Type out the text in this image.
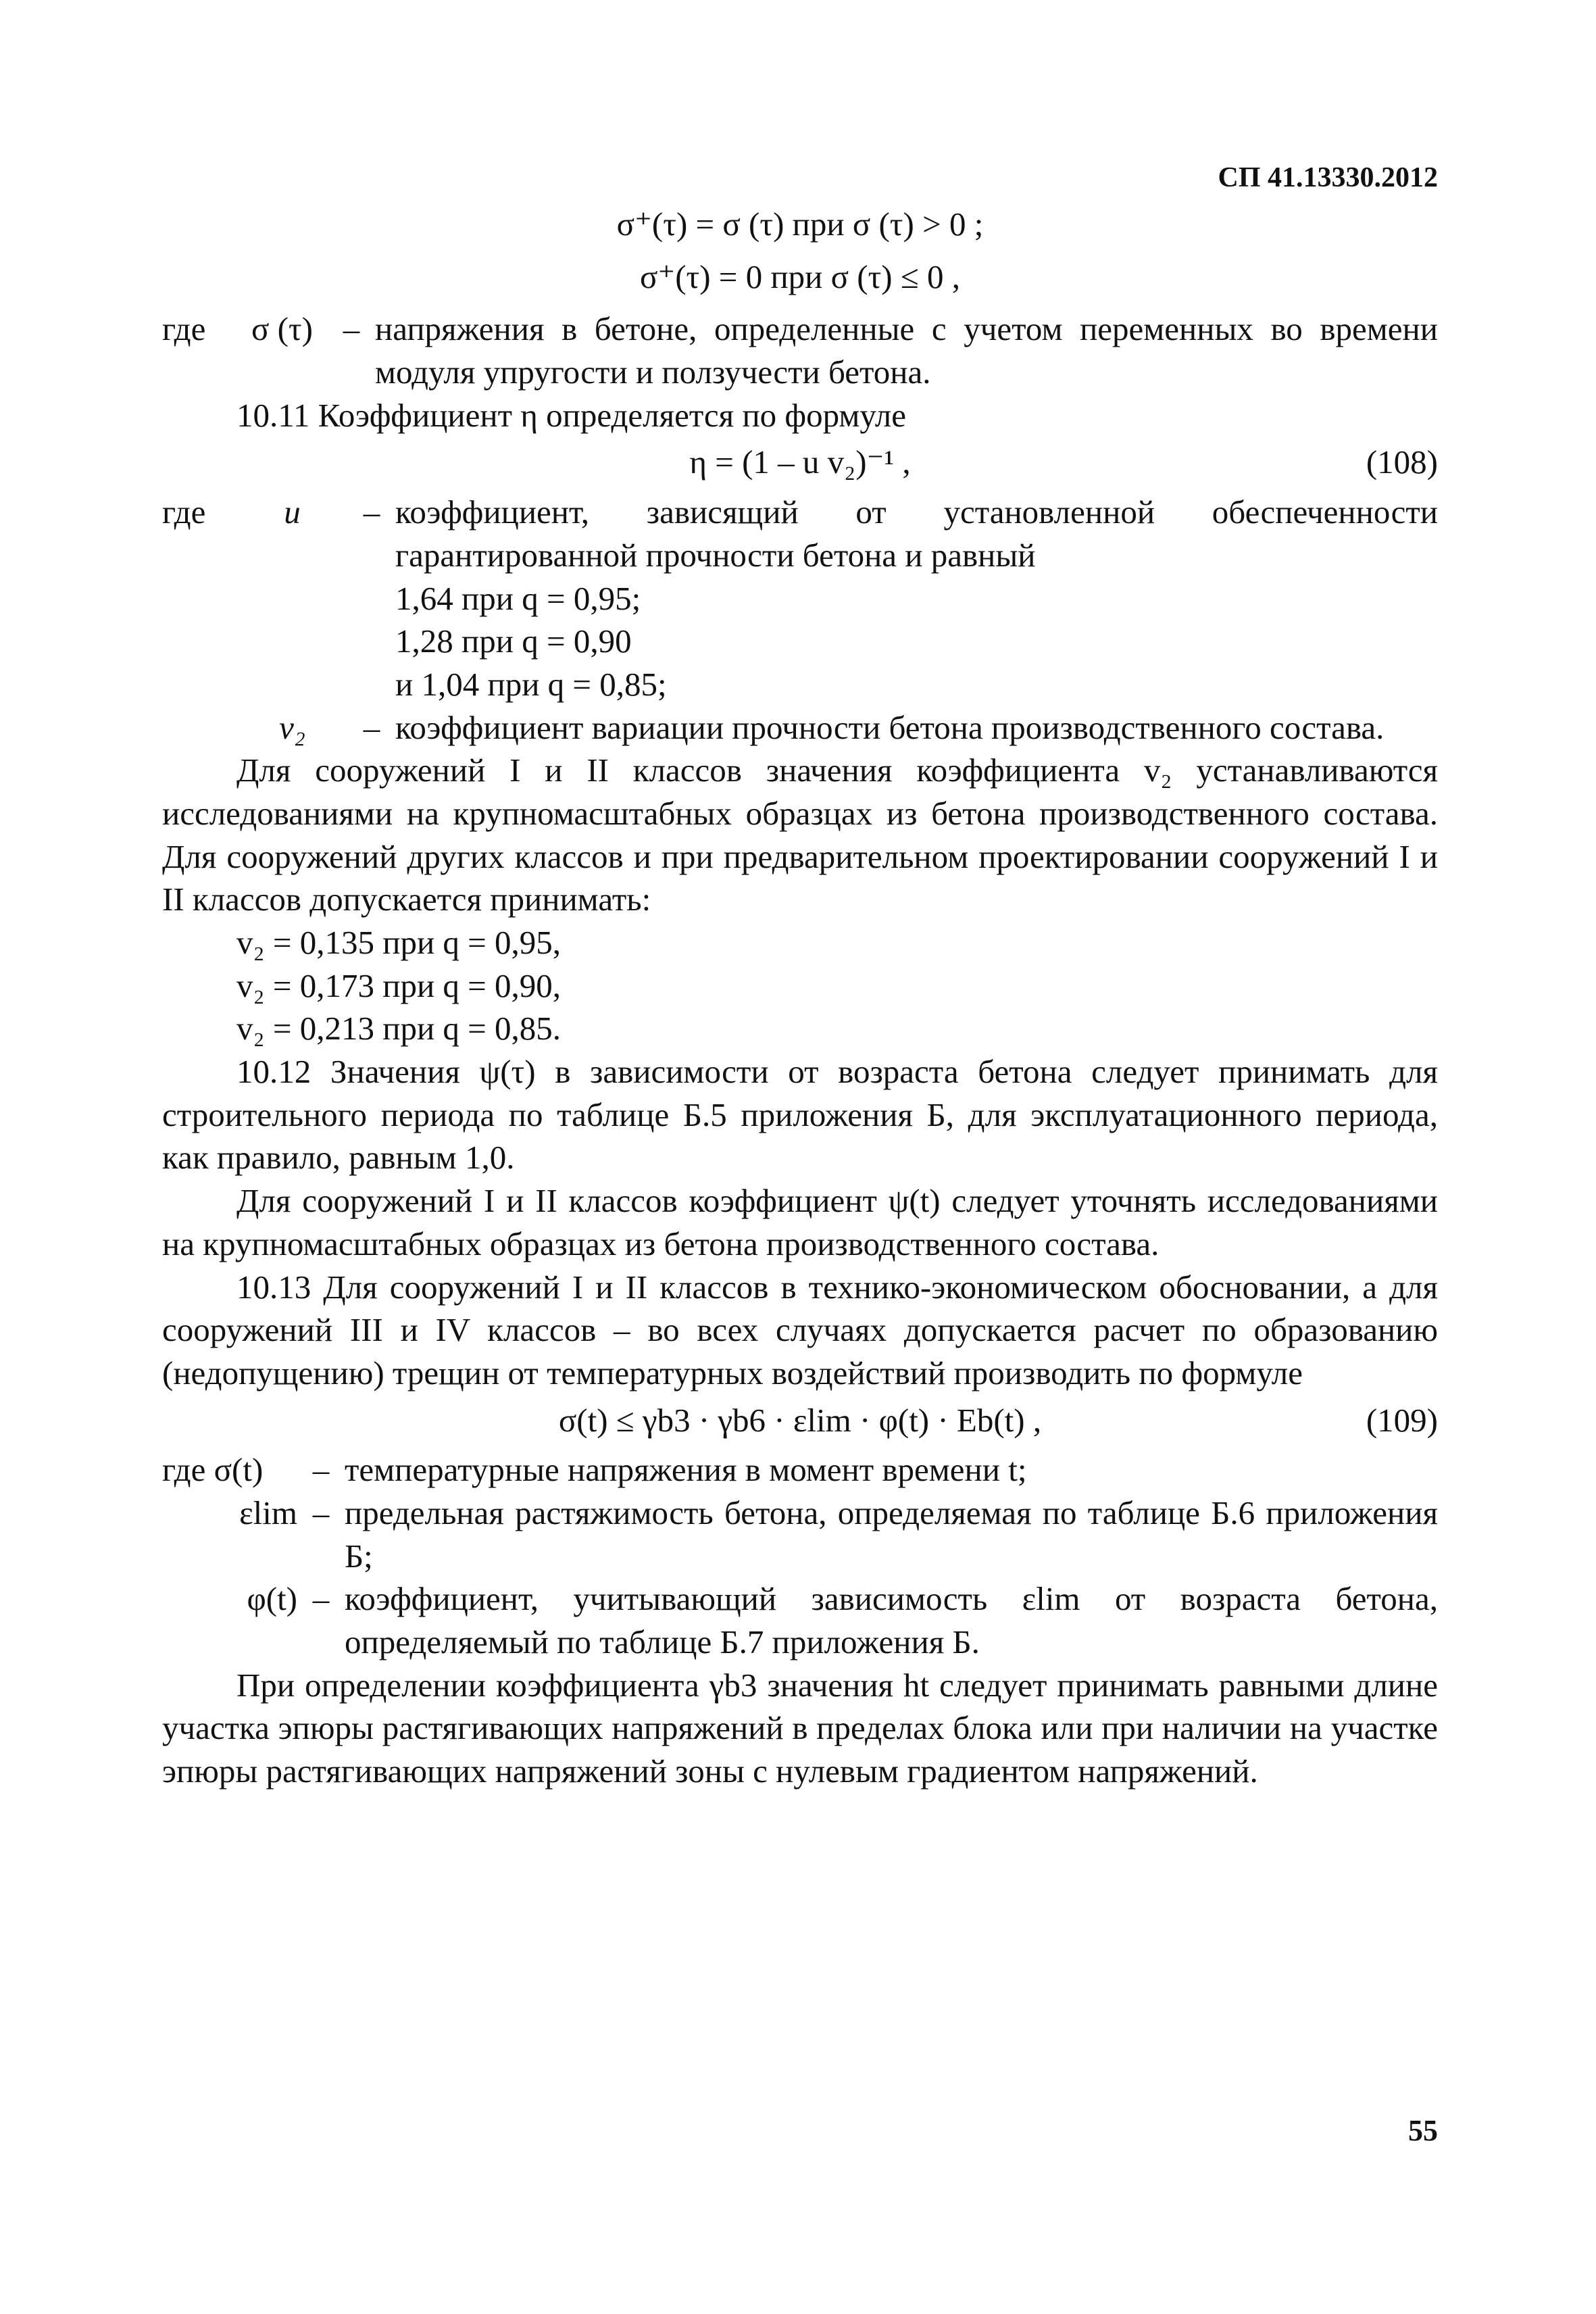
СП 41.13330.2012

σ⁺(τ) = σ (τ) при σ (τ) > 0 ;

σ⁺(τ) = 0 при σ (τ) ≤ 0 ,

где	σ (τ) – напряжения в бетоне, определенные с учетом переменных во времени модуля упругости и ползучести бетона.

10.11 Коэффициент η определяется по формуле

η = (1 – u v₂)⁻¹ ,	(108)
где	u	– коэффициент, зависящий от установленной обеспеченности гарантированной прочности бетона и равный

1,64 при q = 0,95;

1,28 при q = 0,90

и 1,04 при q = 0,85;

v₂	– коэффициент вариации прочности бетона производственного состава.

Для сооружений I и II классов значения коэффициента v₂ устанавливаются исследованиями на крупномасштабных образцах из бетона производственного состава. Для сооружений других классов и при предварительном проектировании сооружений I и II классов допускается принимать:

v₂ = 0,135 при q = 0,95,

v₂ = 0,173 при q = 0,90,

v₂ = 0,213 при q = 0,85.

10.12 Значения ψ(τ) в зависимости от возраста бетона следует принимать для строительного периода по таблице Б.5 приложения Б, для эксплуатационного периода, как правило, равным 1,0.

Для сооружений I и II классов коэффициент ψ(t) следует уточнять исследованиями на крупномасштабных образцах из бетона производственного состава.

10.13 Для сооружений I и II классов в технико-экономическом обосновании, а для сооружений III и IV классов – во всех случаях допускается расчет по образованию (недопущению) трещин от температурных воздействий производить по формуле

σ(t) ≤ γb3 · γb6 · εlim · φ(t) · Eb(t) ,	(109)
где σ(t)	– температурные напряжения в момент времени t;
εlim – предельная растяжимость бетона, определяемая по таблице Б.6 приложения Б;
φ(t) – коэффициент, учитывающий зависимость εlim от возраста бетона, определяемый по таблице Б.7 приложения Б.

При определении коэффициента γb3 значения ht следует принимать равными длине участка эпюры растягивающих напряжений в пределах блока или при наличии на участке эпюры растягивающих напряжений зоны с нулевым градиентом напряжений.

55
